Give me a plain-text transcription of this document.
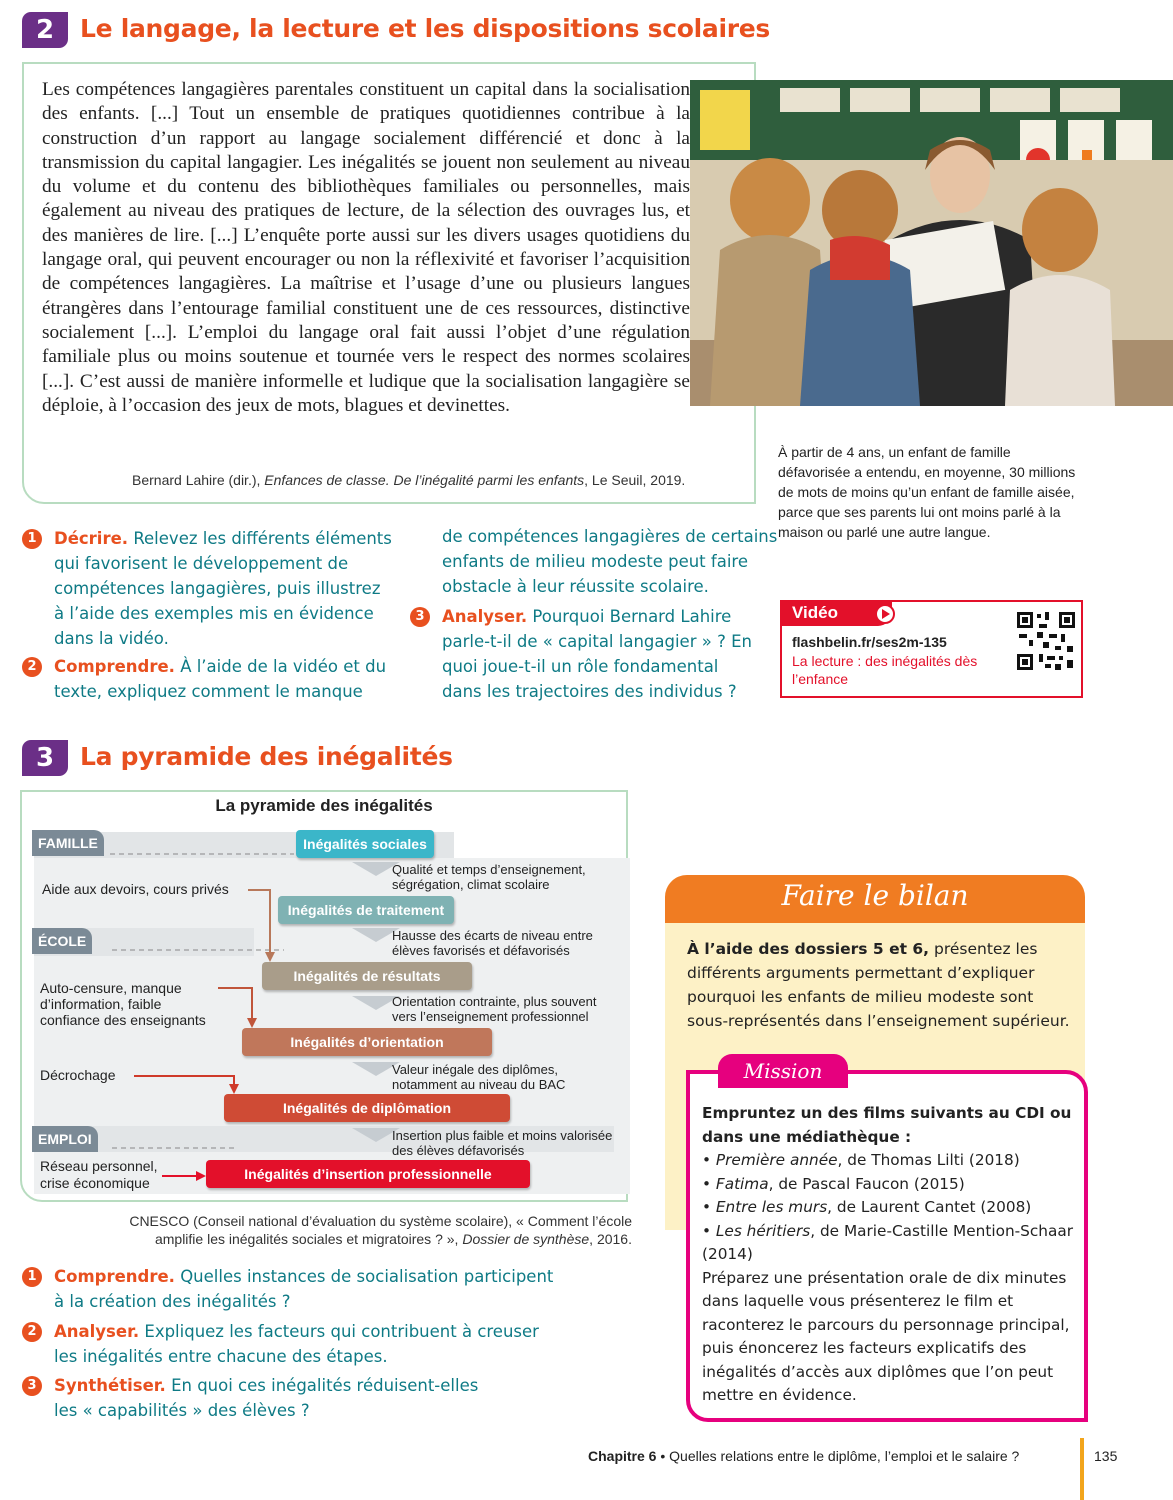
2	Le langage, la lecture et les dispositions scolaires

Les compétences langagières parentales constituent un capital dans la socialisation des enfants. [...] Tout un ensemble de pratiques quotidiennes contribue à la construction d’un rapport au langage socialement différencié et donc à la transmission du capital langagier. Les inégalités se jouent non seulement au niveau du volume et du contenu des bibliothèques familiales ou personnelles, mais également au niveau des pratiques de lecture, de la sélection des ouvrages lus, et des manières de lire. [...] L’enquête porte aussi sur les divers usages quotidiens du langage oral, qui peuvent encourager ou non la réflexivité et favoriser l’acquisition de compétences langagières. La maîtrise et l’usage d’une ou plusieurs langues étrangères dans l’entourage familial constituent une de ces ressources, distinctive socialement [...]. L’emploi du langage oral fait aussi l’objet d’une régulation familiale plus ou moins soutenue et tournée vers le respect des normes scolaires [...]. C’est aussi de manière informelle et ludique que la socialisation langagière se déploie, à l’occasion des jeux de mots, blagues et devinettes.

Bernard Lahire (dir.), Enfances de classe. De l’inégalité parmi les enfants, Le Seuil, 2019.
À partir de 4 ans, un enfant de famille défavorisée a entendu, en moyenne, 30 millions de mots de moins qu’un enfant de famille aisée, parce que ses parents lui ont moins parlé à la maison ou parlé une autre langue.
1	Décrire. Relevez les différents éléments qui favorisent le développement de compétences langagières, puis illustrez à l’aide des exemples mis en évidence dans la vidéo.
2	Comprendre. À l’aide de la vidéo et du texte, expliquez comment le manque
de compétences langagières de certains enfants de milieu modeste peut faire obstacle à leur réussite scolaire.
3	Analyser. Pourquoi Bernard Lahire parle-t-il de « capital langagier » ? En quoi joue-t-il un rôle fondamental dans les trajectoires des individus ?
Vidéo
flashbelin.fr/ses2m-135
La lecture : des inégalités dès l’enfance
3	La pyramide des inégalités
La pyramide des inégalités
FAMILLE
ÉCOLE
EMPLOI
Inégalités sociales
Inégalités de traitement
Inégalités de résultats
Inégalités d’orientation
Inégalités de diplômation
Inégalités d’insertion professionnelle
Qualité et temps d’enseignement, ségrégation, climat scolaire
Hausse des écarts de niveau entre élèves favorisés et défavorisés
Orientation contrainte, plus souvent vers l’enseignement professionnel
Valeur inégale des diplômes, notamment au niveau du BAC
Insertion plus faible et moins valorisée des élèves défavorisés
Aide aux devoirs, cours privés
Auto-censure, manque d’information, faible confiance des enseignants
Décrochage
Réseau personnel, crise économique
CNESCO (Conseil national d’évaluation du système scolaire), « Comment l’école
amplifie les inégalités sociales et migratoires ? », Dossier de synthèse, 2016.
1	Comprendre. Quelles instances de socialisation participent à la création des inégalités ?
2	Analyser. Expliquez les facteurs qui contribuent à creuser les inégalités entre chacune des étapes.
3	Synthétiser. En quoi ces inégalités réduisent-elles les « capabilités » des élèves ?
Faire le bilan
À l’aide des dossiers 5 et 6, présentez les différents arguments permettant d’expliquer pourquoi les enfants de milieu modeste sont sous-représentés dans l’enseignement supérieur.
Mission
Empruntez un des films suivants au CDI ou dans une médiathèque :
• Première année, de Thomas Lilti (2018)
• Fatima, de Pascal Faucon (2015)
• Entre les murs, de Laurent Cantet (2008)
• Les héritiers, de Marie-Castille Mention-Schaar (2014)
Préparez une présentation orale de dix minutes dans laquelle vous présenterez le film et raconterez le parcours du personnage principal, puis énoncerez les facteurs explicatifs des inégalités d’accès aux diplômes que l’on peut mettre en évidence.
Chapitre 6 • Quelles relations entre le diplôme, l’emploi et le salaire ?	135
